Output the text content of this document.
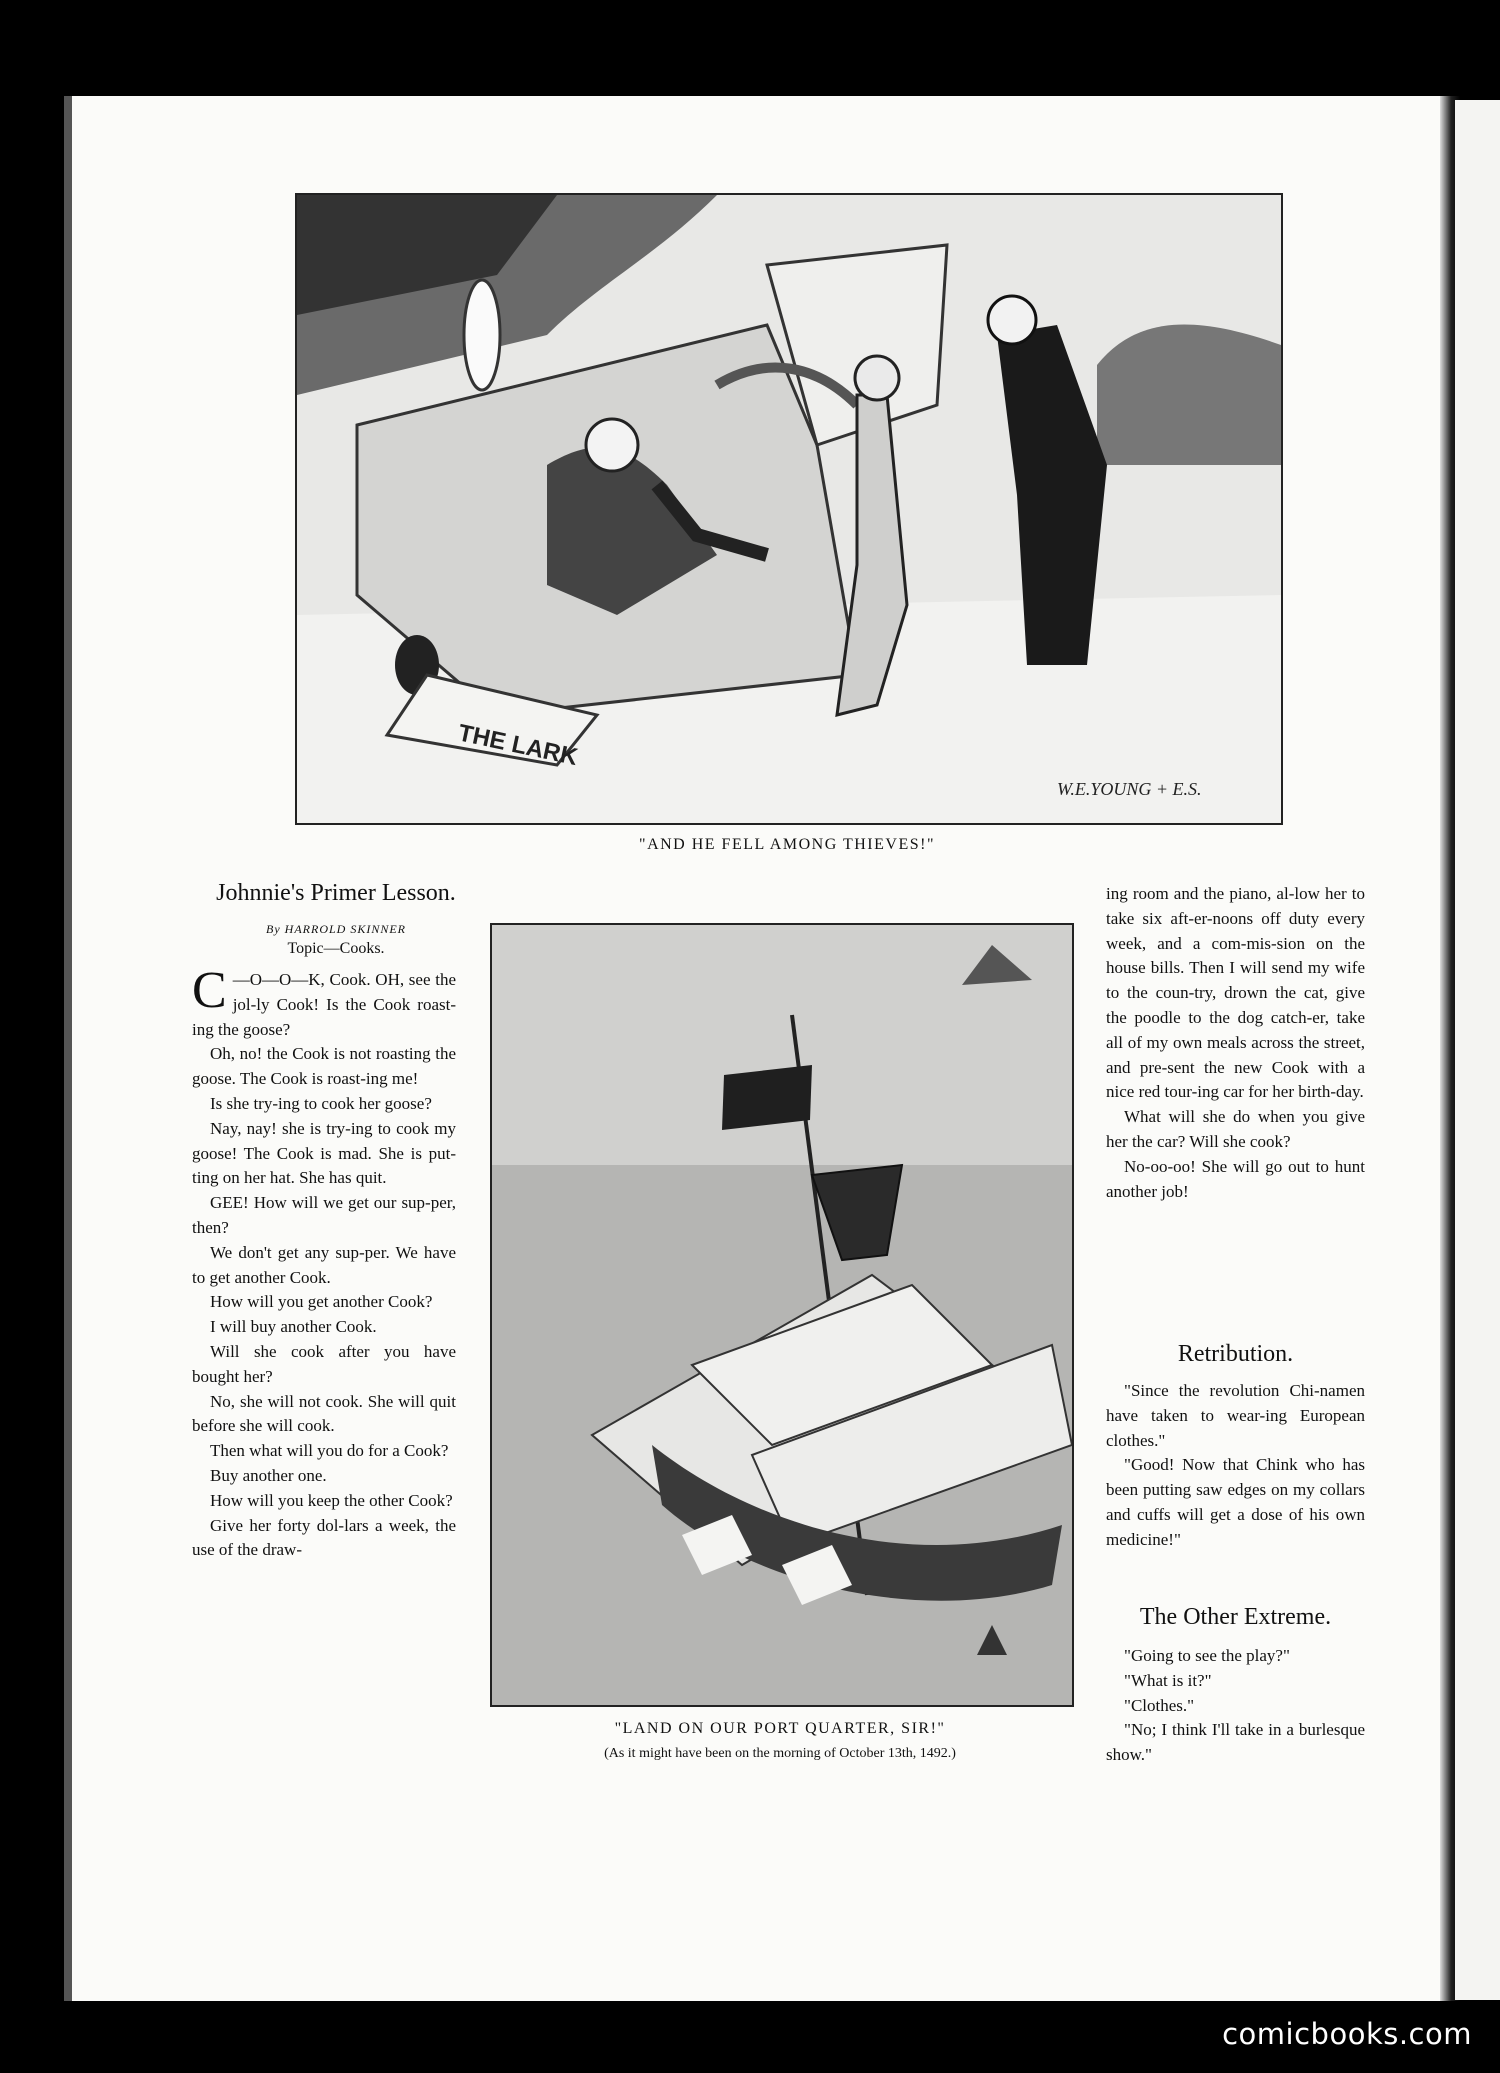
THE LARK
W.E.YOUNG + E.S.
"AND HE FELL AMONG THIEVES!"
Johnnie's Primer Lesson.
By HARROLD SKINNER
Topic—Cooks.

C —O—O—K, Cook. OH, see the jol-ly Cook! Is the Cook roast-ing the goose?

Oh, no! the Cook is not roasting the goose. The Cook is roast-ing me!

Is she try-ing to cook her goose?

Nay, nay! she is try-ing to cook my goose! The Cook is mad. She is put-ting on her hat. She has quit.

GEE! How will we get our sup-per, then?

We don't get any sup-per. We have to get another Cook.

How will you get another Cook?

I will buy another Cook.

Will she cook after you have bought her?

No, she will not cook. She will quit before she will cook.

Then what will you do for a Cook?

Buy another one.

How will you keep the other Cook?

Give her forty dol-lars a week, the use of the draw-

"LAND ON OUR PORT QUARTER, SIR!"
(As it might have been on the morning of October 13th, 1492.)

ing room and the piano, al-low her to take six aft-er-noons off duty every week, and a com-mis-sion on the house bills. Then I will send my wife to the coun-try, drown the cat, give the poodle to the dog catch-er, take all of my own meals across the street, and pre-sent the new Cook with a nice red tour-ing car for her birth-day.

What will she do when you give her the car? Will she cook?

No-oo-oo! She will go out to hunt another job!

Retribution.

"Since the revolution Chi-namen have taken to wear-ing European clothes."

"Good! Now that Chink who has been putting saw edges on my collars and cuffs will get a dose of his own medicine!"

The Other Extreme.

"Going to see the play?"

"What is it?"

"Clothes."

"No; I think I'll take in a burlesque show."

comicbooks.com
